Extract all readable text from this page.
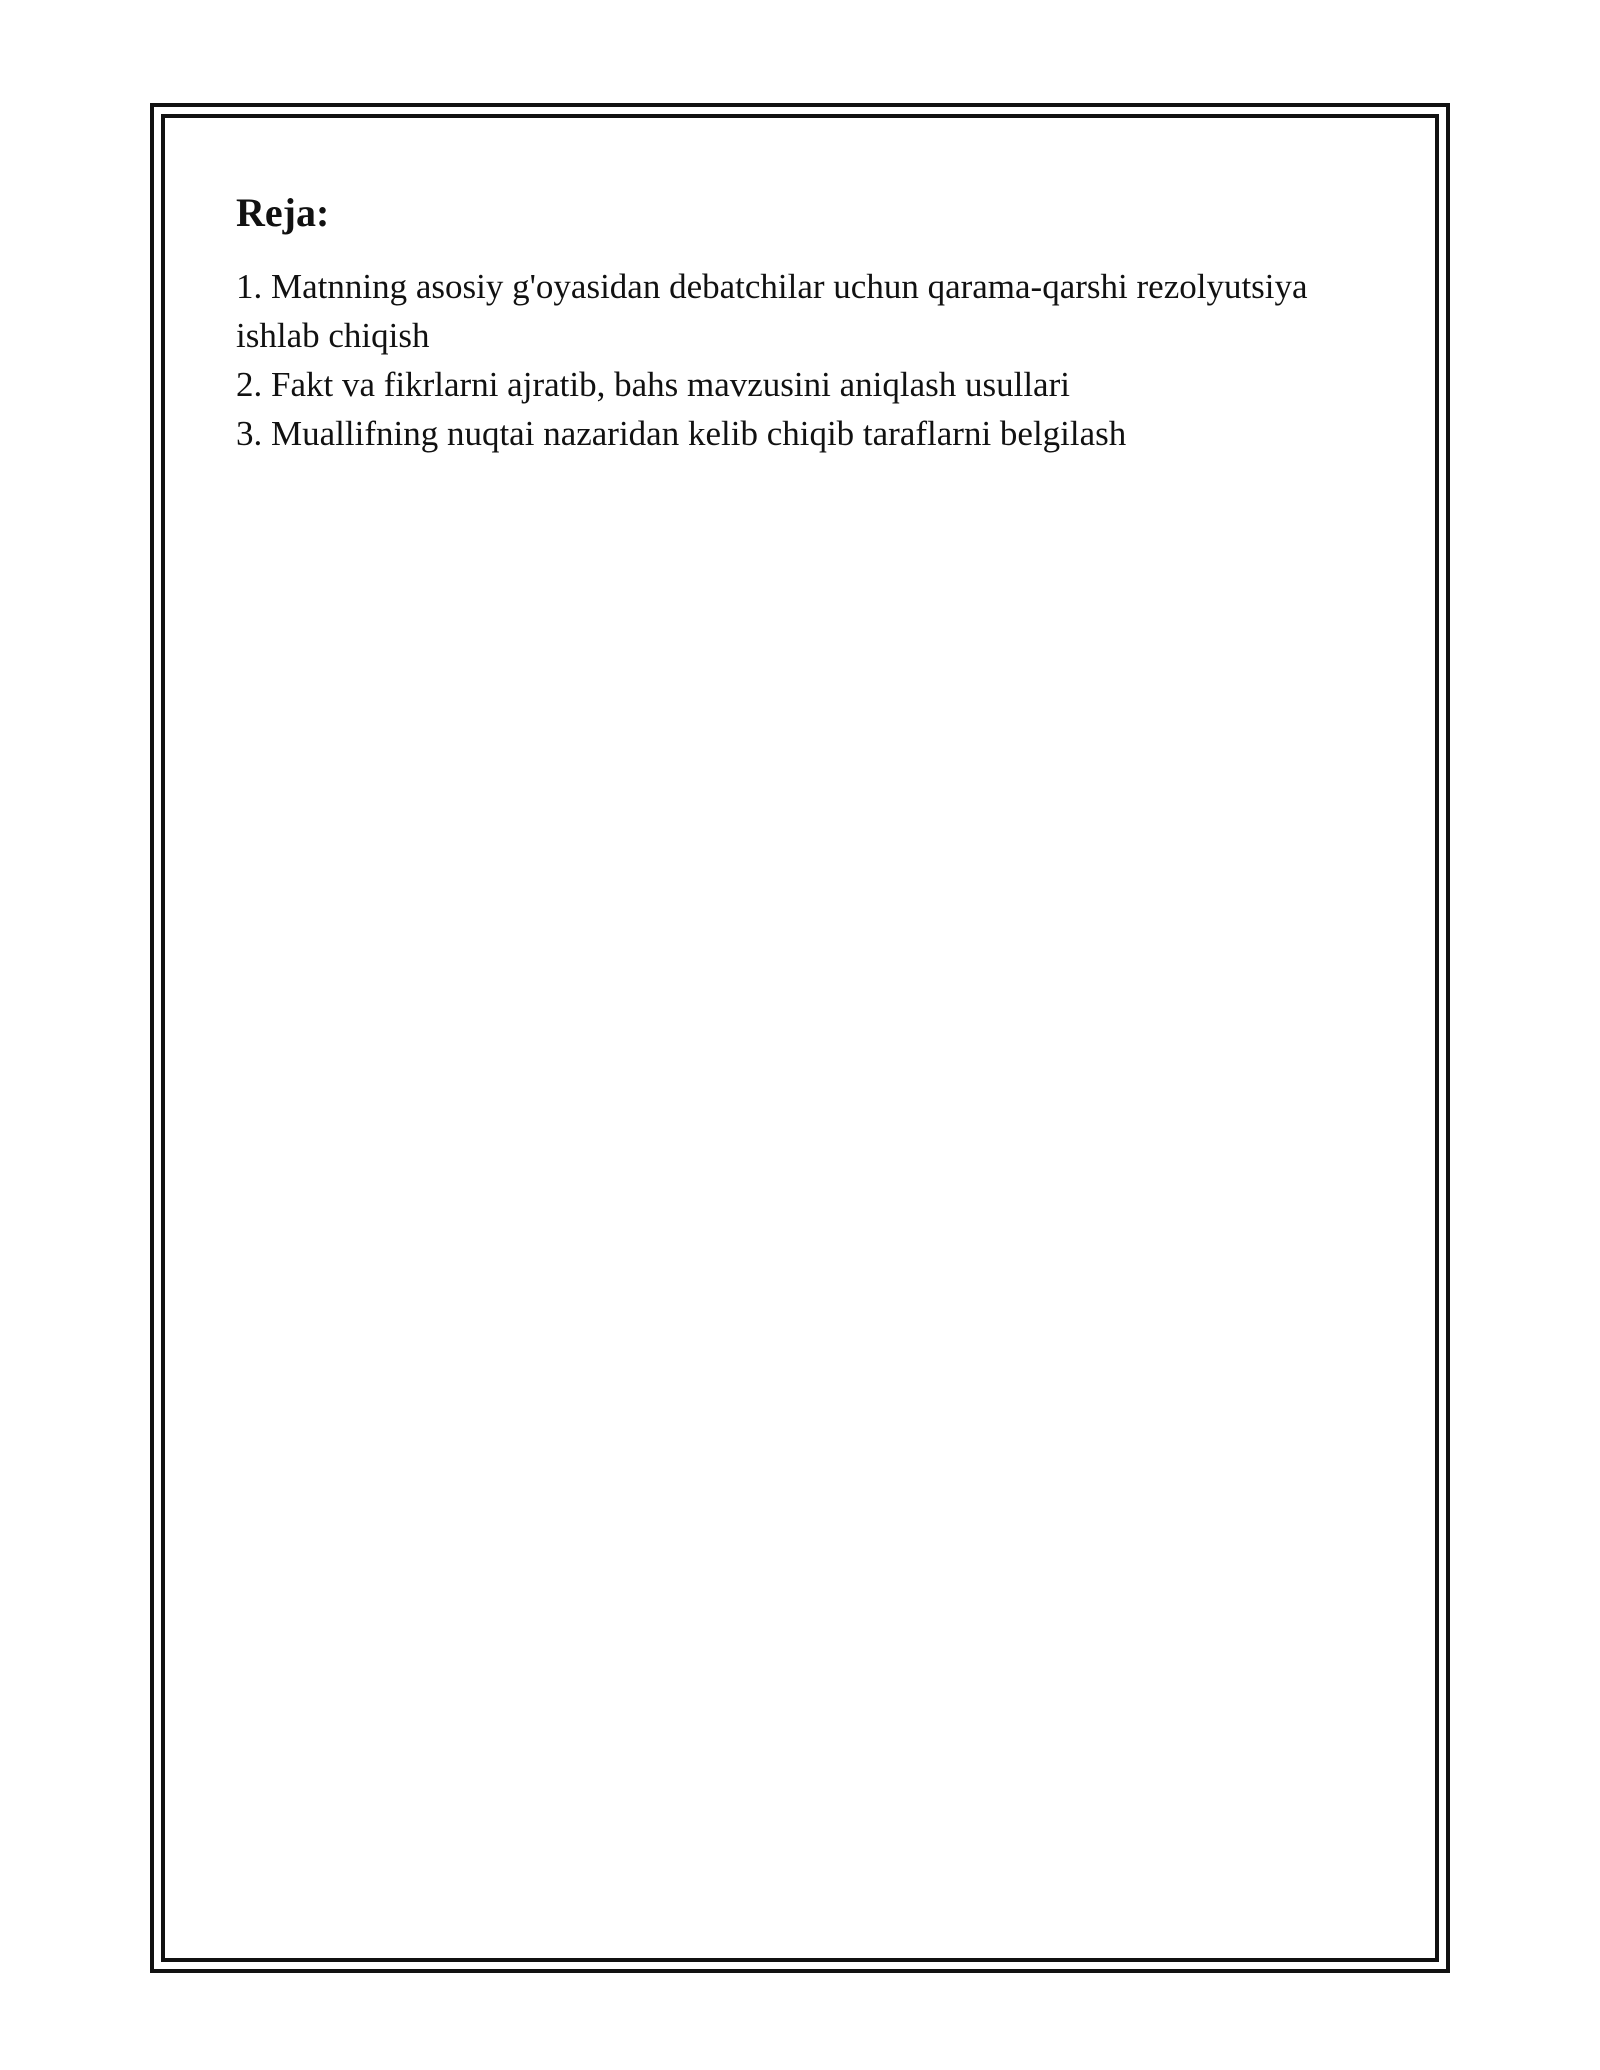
Reja:
1. Matnning asosiy g'oyasidan debatchilar uchun qarama-qarshi rezolyutsiya ishlab chiqish
2. Fakt va fikrlarni ajratib, bahs mavzusini aniqlash usullari
3. Muallifning nuqtai nazaridan kelib chiqib taraflarni belgilash
